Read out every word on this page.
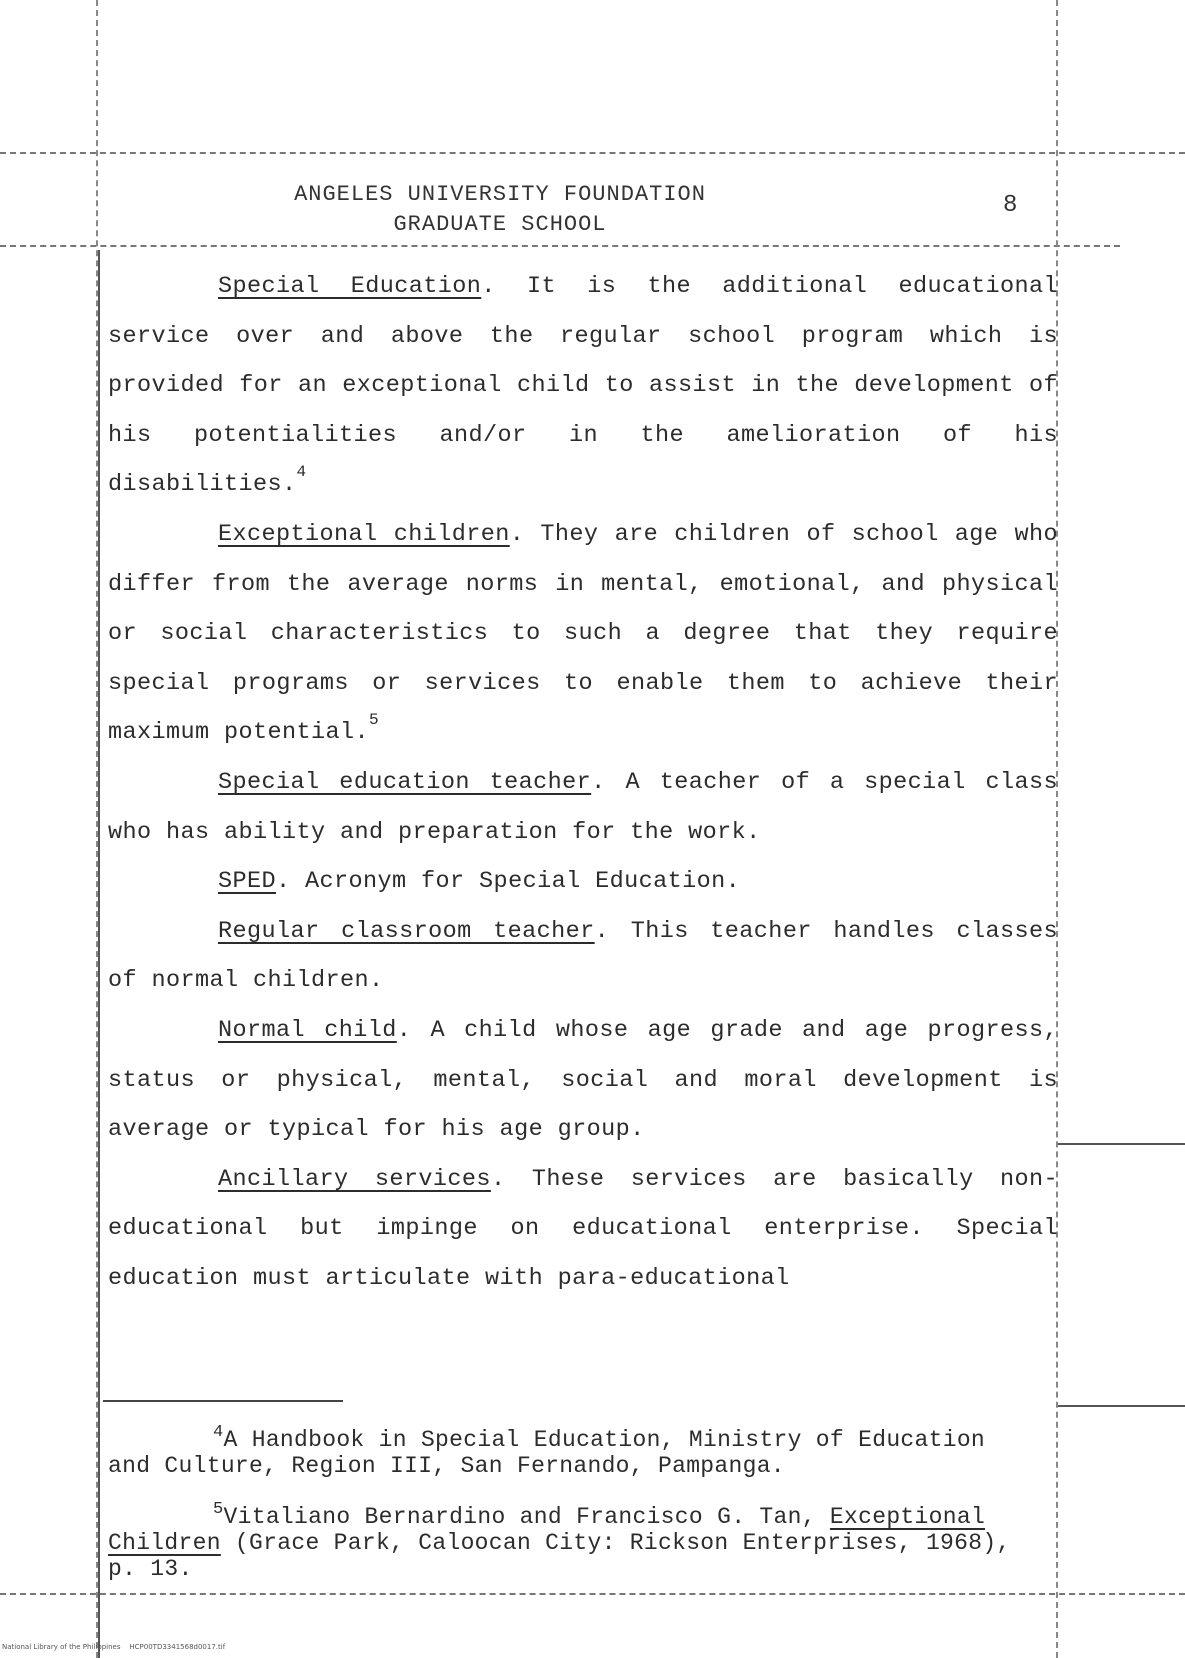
ANGELES UNIVERSITY FOUNDATION
GRADUATE SCHOOL
8

Special Education. It is the additional educational service over and above the regular school program which is provided for an exceptional child to assist in the development of his potentialities and/or in the amelioration of his disabilities.$^4$

Exceptional children. They are children of school age who differ from the average norms in mental, emotional, and physical or social characteristics to such a degree that they require special programs or services to enable them to achieve their maximum potential.$^5$

Special education teacher. A teacher of a special class who has ability and preparation for the work.

SPED. Acronym for Special Education.

Regular classroom teacher. This teacher handles classes of normal children.

Normal child. A child whose age grade and age progress, status or physical, mental, social and moral development is average or typical for his age group.

Ancillary services. These services are basically non-educational but impinge on educational enterprise. Special education must articulate with para-educational

$^4$A Handbook in Special Education, Ministry of Education and Culture, Region III, San Fernando, Pampanga.

$^5$Vitaliano Bernardino and Francisco G. Tan, Exceptional Children (Grace Park, Caloocan City: Rickson Enterprises, 1968), p. 13.

National Library of the Philippines HCP00TD3341568d0017.tif
